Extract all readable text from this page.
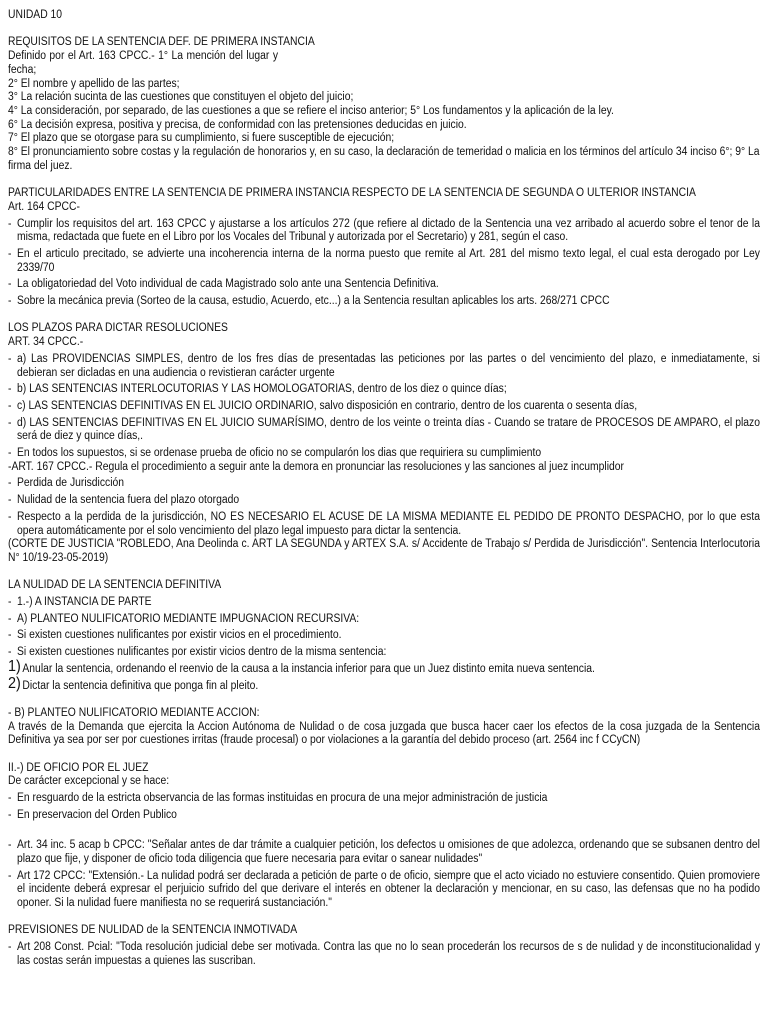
UNIDAD 10

REQUISITOS DE LA SENTENCIA DEF. DE PRIMERA INSTANCIA

Definido por el Art. 163 CPCC.- 1° La mención del lugar y fecha;

2° El nombre y apellido de las partes;

3° La relación sucinta de las cuestiones que constituyen el objeto del juicio;

4° La consideración, por separado, de las cuestiones a que se refiere el inciso anterior; 5° Los fundamentos y la aplicación de la ley.

6° La decisión expresa, positiva y precisa, de conformidad con las pretensiones deducidas en juicio.

7° El plazo que se otorgase para su cumplimiento, si fuere susceptible de ejecución;

8° El pronunciamiento sobre costas y la regulación de honorarios y, en su caso, la declaración de temeridad o malicia en los términos del artículo 34 inciso 6°; 9° La firma del juez.

PARTICULARIDADES ENTRE LA SENTENCIA DE PRIMERA INSTANCIA RESPECTO DE LA SENTENCIA DE SEGUNDA O ULTERIOR INSTANCIA

Art. 164 CPCC-

- Cumplir los requisitos del art. 163 CPCC y ajustarse a los artículos 272 (que refiere al dictado de la Sentencia una vez arribado al acuerdo sobre el tenor de la misma, redactada que fuete en el Libro por los Vocales del Tribunal y autorizada por el Secretario) y 281, según el caso.
- En el articulo precitado, se advierte una incoherencia interna de la norma puesto que remite al Art. 281 del mismo texto legal, el cual esta derogado por Ley 2339/70
- La obligatoriedad del Voto individual de cada Magistrado solo ante una Sentencia Definitiva.
- Sobre la mecánica previa (Sorteo de la causa, estudio, Acuerdo, etc...) a la Sentencia resultan aplicables los arts. 268/271 CPCC

LOS PLAZOS PARA DICTAR RESOLUCIONES

ART. 34 CPCC.-

- a) Las PROVIDENCIAS SIMPLES, dentro de los fres días de presentadas las peticiones por las partes o del vencimiento del plazo, e inmediatamente, si debieran ser dicladas en una audiencia o revistieran carácter urgente
- b) LAS SENTENCIAS INTERLOCUTORIAS Y LAS HOMOLOGATORIAS, dentro de los diez o quince días;
- c) LAS SENTENCIAS DEFINITIVAS EN EL JUICIO ORDINARIO, salvo disposición en contrario, dentro de los cuarenta o sesenta días,
- d) LAS SENTENCIAS DEFINITIVAS EN EL JUICIO SUMARÍSIMO, dentro de los veinte o treinta días - Cuando se tratare de PROCESOS DE AMPARO, el plazo será de diez y quince días,.
- En todos los supuestos, si se ordenase prueba de oficio no se compularón los dias que requiriera su cumplimiento

-ART. 167 CPCC.- Regula el procedimiento a seguir ante la demora en pronunciar las resoluciones y las sanciones al juez incumplidor

- Perdida de Jurisdicción
- Nulidad de la sentencia fuera del plazo otorgado
- Respecto a la perdida de la jurisdicción, NO ES NECESARIO EL ACUSE DE LA MISMA MEDIANTE EL PEDIDO DE PRONTO DESPACHO, por lo que esta opera automáticamente por el solo vencimiento del plazo legal impuesto para dictar la sentencia.

(CORTE DE JUSTICIA "ROBLEDO, Ana Deolinda c. ART LA SEGUNDA y ARTEX S.A. s/ Accidente de Trabajo s/ Perdida de Jurisdicción". Sentencia Interlocutoria N° 10/19-23-05-2019)

LA NULIDAD DE LA SENTENCIA DEFINITIVA

- 1.-) A INSTANCIA DE PARTE
- A) PLANTEO NULIFICATORIO MEDIANTE IMPUGNACION RECURSIVA:
- Si existen cuestiones nulificantes por existir vicios en el procedimiento.
- Si existen cuestiones nulificantes por existir vicios dentro de la misma sentencia:
1) Anular la sentencia, ordenando el reenvio de la causa a la instancia inferior para que un Juez distinto emita nueva sentencia.
2) Dictar la sentencia definitiva que ponga fin al pleito.

- B) PLANTEO NULIFICATORIO MEDIANTE ACCION:

A través de la Demanda que ejercita la Accion Autónoma de Nulidad o de cosa juzgada que busca hacer caer los efectos de la cosa juzgada de la Sentencia Definitiva ya sea por ser por cuestiones irritas (fraude procesal) o por violaciones a la garantía del debido proceso (art. 2564 inc f CCyCN)

II.-) DE OFICIO POR EL JUEZ

De carácter excepcional y se hace:

- En resguardo de la estricta observancia de las formas instituidas en procura de una mejor administración de justicia
- En preservacion del Orden Publico
- Art. 34 inc. 5 acap b CPCC: "Señalar antes de dar trámite a cualquier petición, los defectos u omisiones de que adolezca, ordenando que se subsanen dentro del plazo que fije, y disponer de oficio toda diligencia que fuere necesaria para evitar o sanear nulidades"
- Art 172 CPCC: "Extensión.- La nulidad podrá ser declarada a petición de parte o de oficio, siempre que el acto viciado no estuviere consentido. Quien promoviere el incidente deberá expresar el perjuicio sufrido del que derivare el interés en obtener la declaración y mencionar, en su caso, las defensas que no ha podido oponer. Si la nulidad fuere manifiesta no se requerirá sustanciación."

PREVISIONES DE NULIDAD de la SENTENCIA INMOTIVADA

- Art 208 Const. Pcial: "Toda resolución judicial debe ser motivada. Contra las que no lo sean procederán los recursos de s de nulidad y de inconstitucionalidad y las costas serán impuestas a quienes las suscriban.
